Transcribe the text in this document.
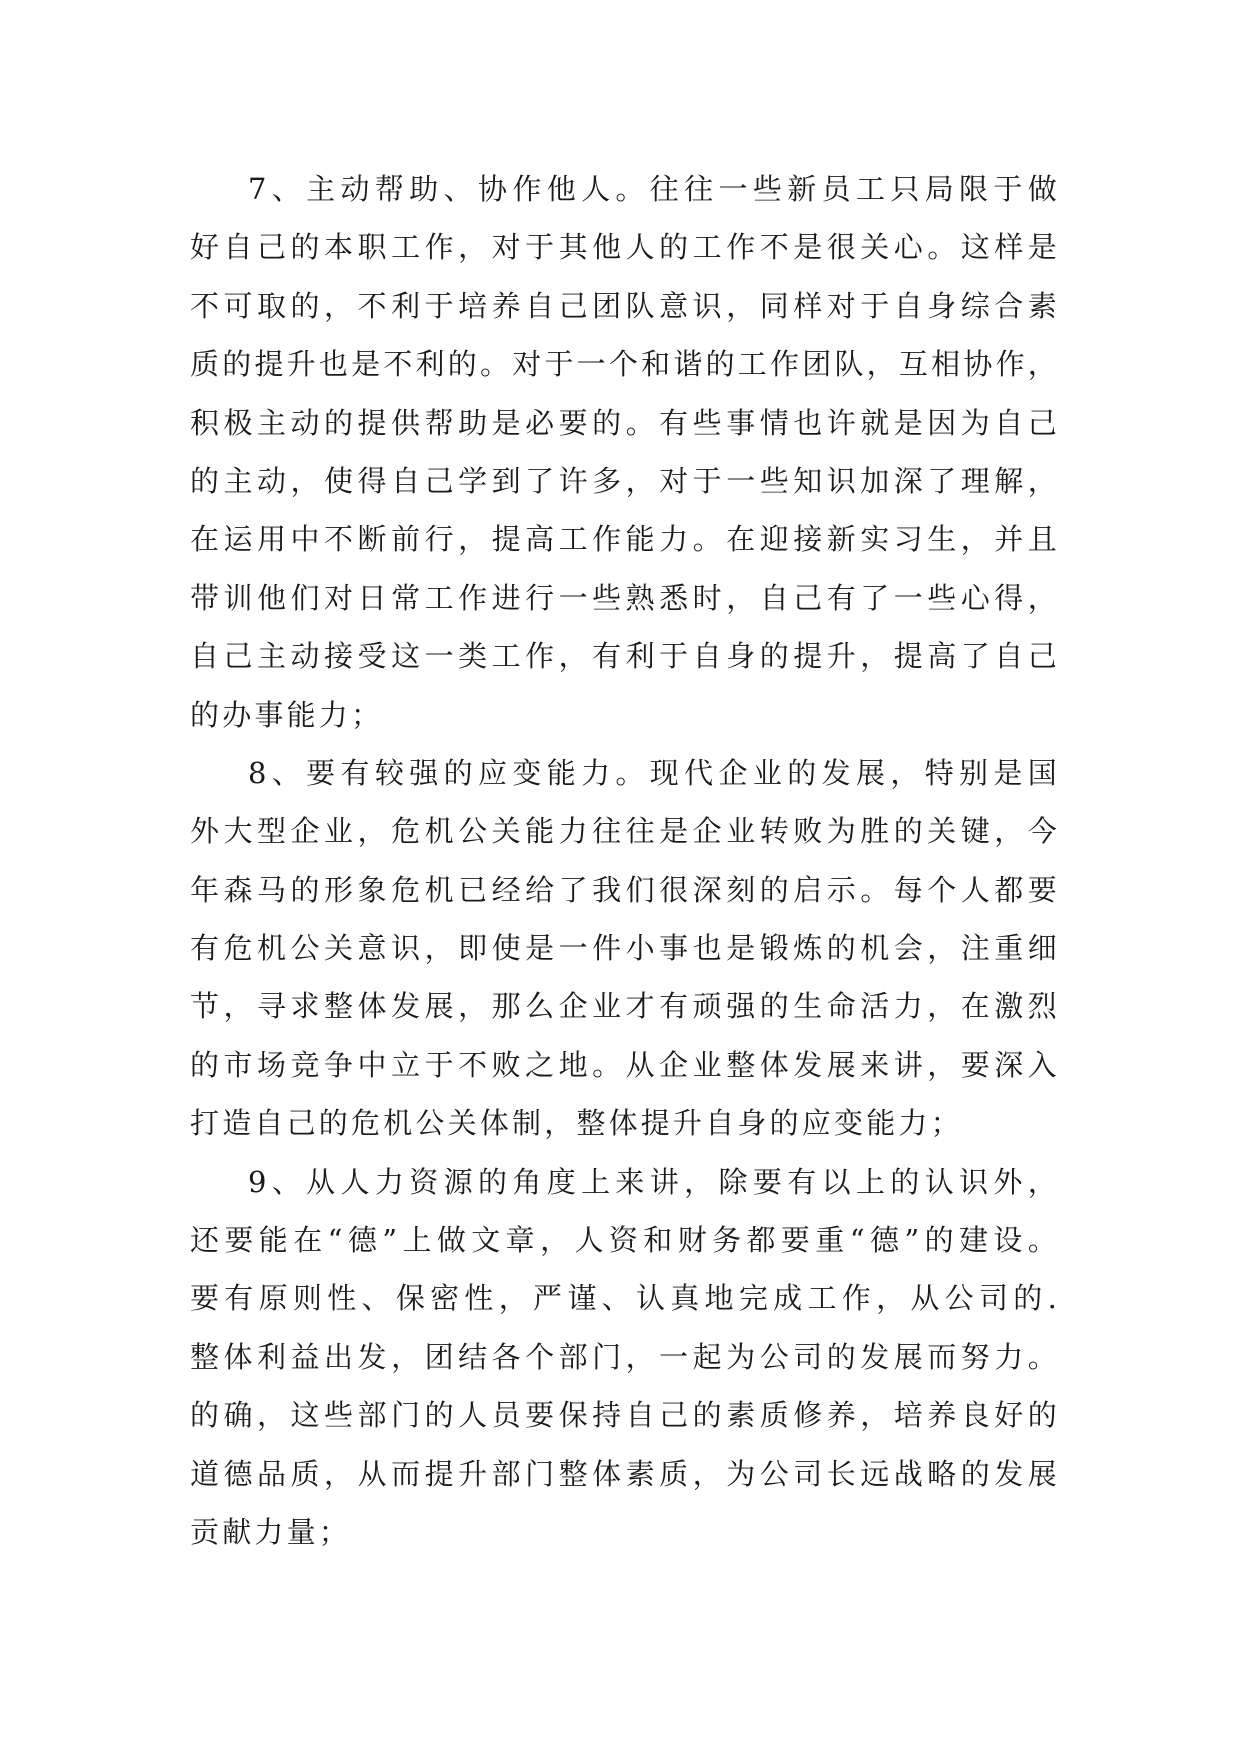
7、主动帮助、协作他人。往往一些新员工只局限于做
好自己的本职工作，对于其他人的工作不是很关心。这样是
不可取的，不利于培养自己团队意识，同样对于自身综合素
质的提升也是不利的。对于一个和谐的工作团队，互相协作，
积极主动的提供帮助是必要的。有些事情也许就是因为自己
的主动，使得自己学到了许多，对于一些知识加深了理解，
在运用中不断前行，提高工作能力。在迎接新实习生，并且
带训他们对日常工作进行一些熟悉时，自己有了一些心得，
自己主动接受这一类工作，有利于自身的提升，提高了自己
的办事能力；
8、要有较强的应变能力。现代企业的发展，特别是国
外大型企业，危机公关能力往往是企业转败为胜的关键，今
年森马的形象危机已经给了我们很深刻的启示。每个人都要
有危机公关意识，即使是一件小事也是锻炼的机会，注重细
节，寻求整体发展，那么企业才有顽强的生命活力，在激烈
的市场竞争中立于不败之地。从企业整体发展来讲，要深入
打造自己的危机公关体制，整体提升自身的应变能力；
9、从人力资源的角度上来讲，除要有以上的认识外，
还要能在“德”上做文章，人资和财务都要重“德”的建设。
要有原则性、保密性，严谨、认真地完成工作，从公司的.
整体利益出发，团结各个部门，一起为公司的发展而努力。
的确，这些部门的人员要保持自己的素质修养，培养良好的
道德品质，从而提升部门整体素质，为公司长远战略的发展
贡献力量；
